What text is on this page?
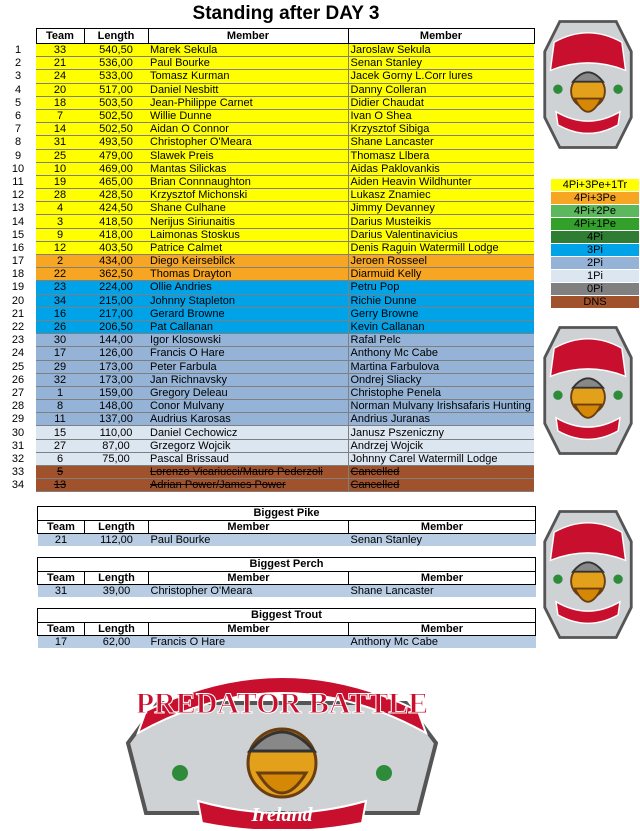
Standing after DAY 3
	Team	Length	Member	Member
1	33	540,50	Marek Sekula	Jaroslaw Sekula
2	21	536,00	Paul Bourke	Senan Stanley
3	24	533,00	Tomasz Kurman	Jacek Gorny L.Corr lures
4	20	517,00	Daniel Nesbitt	Danny Colleran
5	18	503,50	Jean-Philippe Carnet	Didier Chaudat
6	7	502,50	Willie Dunne	Ivan O Shea
7	14	502,50	Aidan O Connor	Krzysztof Sibiga
8	31	493,50	Christopher O'Meara	Shane Lancaster
9	25	479,00	Slawek Preis	Thomasz Llbera
10	10	469,00	Mantas Silickas	Aidas Paklovankis
11	19	465,00	Brian Connnaughton	Aiden Heavin Wildhunter
12	28	428,50	Krzysztof Michonski	Lukasz Znamiec
13	4	424,50	Shane Culhane	Jimmy Devanney
14	3	418,50	Nerijus Siriunaitis	Darius Musteikis
15	9	418,00	Laimonas Stoskus	Darius Valentinavicius
16	12	403,50	Patrice Calmet	Denis Raguin Watermill Lodge
17	2	434,00	Diego Keirsebilck	Jeroen Rosseel
18	22	362,50	Thomas Drayton	Diarmuid Kelly
19	23	224,00	Ollie Andries	Petru Pop
20	34	215,00	Johnny Stapleton	Richie Dunne
21	16	217,00	Gerard Browne	Gerry Browne
22	26	206,50	Pat Callanan	Kevin Callanan
23	30	144,00	Igor Klosowski	Rafal Pelc
24	17	126,00	Francis O Hare	Anthony Mc Cabe
25	29	173,00	Peter Farbula	Martina Farbulova
26	32	173,00	Jan Richnavsky	Ondrej Sliacky
27	1	159,00	Gregory Deleau	Christophe Penela
28	8	148,00	Conor Mulvany	Norman Mulvany Irishsafaris Hunting
29	11	137,00	Audrius Karosas	Andrius Juranas
30	15	110,00	Daniel Cechowicz	Janusz Pszeniczny
31	27	87,00	Grzegorz Wojcik	Andrzej Wojcik
32	6	75,00	Pascal Brissaud	Johnny Carel Watermill Lodge
33	5		Lorenzo Vicariucci/Mauro Pederzoli	Cancelled
34	13		Adrian Power/James Power	Cancelled
4Pi+3Pe+1Tr
4Pi+3Pe
4Pi+2Pe
4Pi+1Pe
4Pi
3Pi
2Pi
1Pi
0Pi
DNS
Biggest Pike
Team	Length	Member	Member
21	112,00	Paul Bourke	Senan Stanley
Biggest Perch
Team	Length	Member	Member
31	39,00	Christopher O'Meara	Shane Lancaster
Biggest Trout
Team	Length	Member	Member
17	62,00	Francis O Hare	Anthony Mc Cabe
PREDATOR BATTLE
Ireland
